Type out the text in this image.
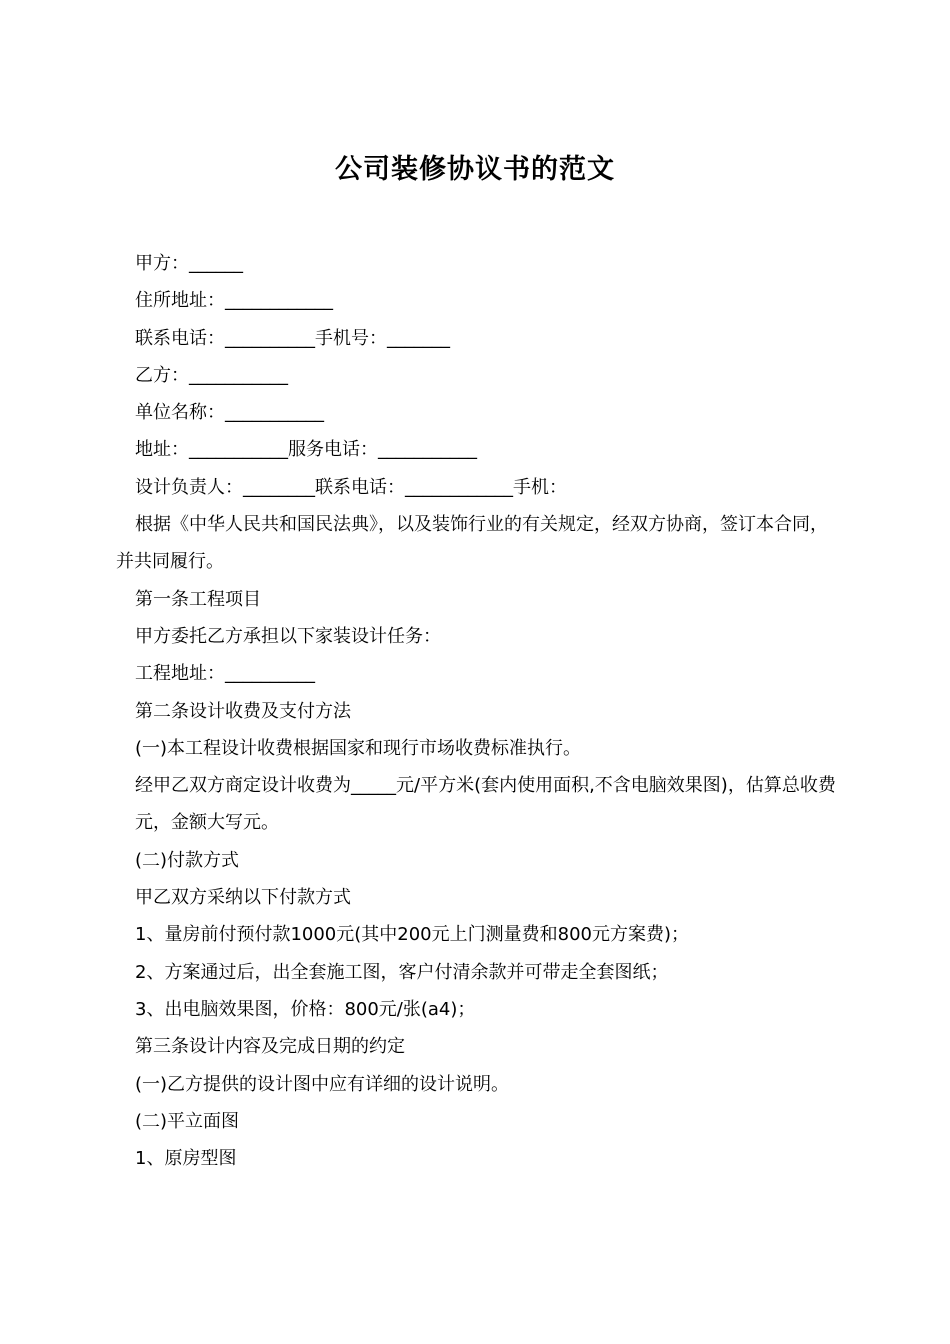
公司装修协议书的范文

甲方：______

住所地址：____________

联系电话：__________手机号：_______

乙方：___________

单位名称：___________

地址：___________服务电话：___________

设计负责人：________联系电话：____________手机：

根据《中华人民共和国民法典》，以及装饰行业的有关规定，经双方协商，签订本合同，并共同履行。

第一条工程项目

甲方委托乙方承担以下家装设计任务：

工程地址：__________

第二条设计收费及支付方法

(一)本工程设计收费根据国家和现行市场收费标准执行。

经甲乙双方商定设计收费为_____元/平方米(套内使用面积,不含电脑效果图)，估算总收费

元，金额大写元。

(二)付款方式

甲乙双方采纳以下付款方式

1、量房前付预付款1000元(其中200元上门测量费和800元方案费)；

2、方案通过后，出全套施工图，客户付清余款并可带走全套图纸；

3、出电脑效果图，价格：800元/张(a4)；

第三条设计内容及完成日期的约定

(一)乙方提供的设计图中应有详细的设计说明。

(二)平立面图

1、原房型图
